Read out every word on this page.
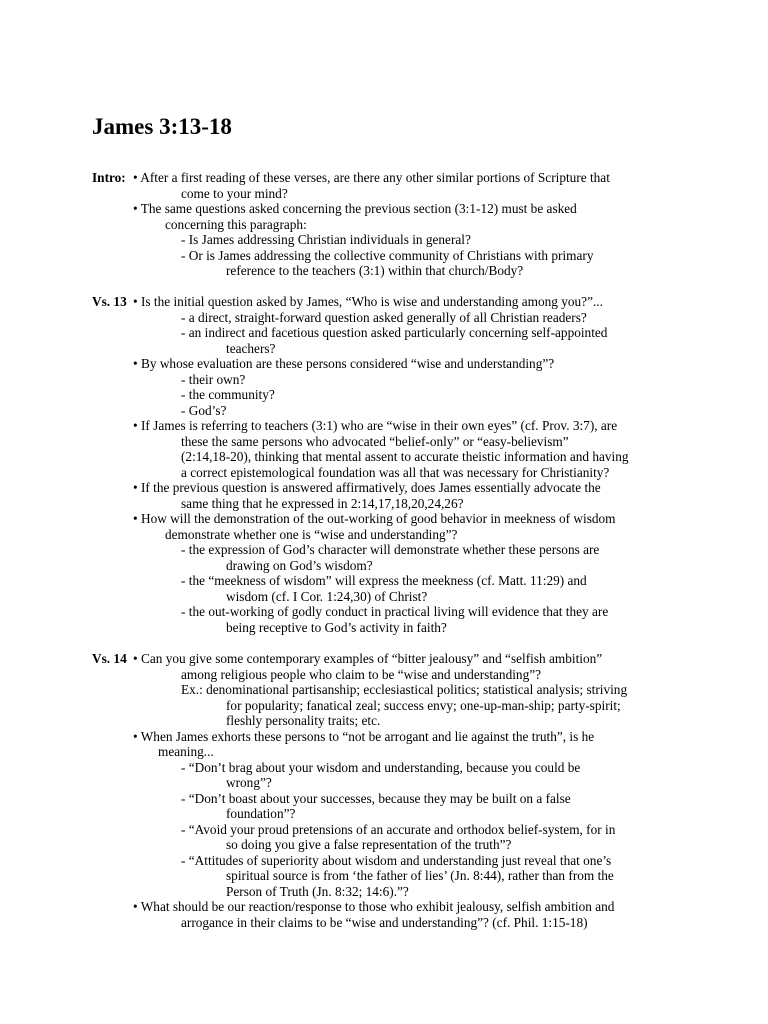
James 3:13-18
Intro: • After a first reading of these verses, are there any other similar portions of Scripture that
come to your mind?
• The same questions asked concerning the previous section (3:1-12) must be asked
concerning this paragraph:
- Is James addressing Christian individuals in general?
- Or is James addressing the collective community of Christians with primary
reference to the teachers (3:1) within that church/Body?
Vs. 13 • Is the initial question asked by James, “Who is wise and understanding among you?”...
- a direct, straight-forward question asked generally of all Christian readers?
- an indirect and facetious question asked particularly concerning self-appointed
teachers?
• By whose evaluation are these persons considered “wise and understanding”?
- their own?
- the community?
- God’s?
• If James is referring to teachers (3:1) who are “wise in their own eyes” (cf. Prov. 3:7), are
these the same persons who advocated “belief-only” or “easy-believism”
(2:14,18-20), thinking that mental assent to accurate theistic information and having
a correct epistemological foundation was all that was necessary for Christianity?
• If the previous question is answered affirmatively, does James essentially advocate the
same thing that he expressed in 2:14,17,18,20,24,26?
• How will the demonstration of the out-working of good behavior in meekness of wisdom
demonstrate whether one is “wise and understanding”?
- the expression of God’s character will demonstrate whether these persons are
drawing on God’s wisdom?
- the “meekness of wisdom” will express the meekness (cf. Matt. 11:29) and
wisdom (cf. I Cor. 1:24,30) of Christ?
- the out-working of godly conduct in practical living will evidence that they are
being receptive to God’s activity in faith?
Vs. 14 • Can you give some contemporary examples of “bitter jealousy” and “selfish ambition”
among religious people who claim to be “wise and understanding”?
Ex.: denominational partisanship; ecclesiastical politics; statistical analysis; striving
for popularity; fanatical zeal; success envy; one-up-man-ship; party-spirit;
fleshly personality traits; etc.
• When James exhorts these persons to “not be arrogant and lie against the truth”, is he
meaning...
- “Don’t brag about your wisdom and understanding, because you could be
wrong”?
- “Don’t boast about your successes, because they may be built on a false
foundation”?
- “Avoid your proud pretensions of an accurate and orthodox belief-system, for in
so doing you give a false representation of the truth”?
- “Attitudes of superiority about wisdom and understanding just reveal that one’s
spiritual source is from ‘the father of lies’ (Jn. 8:44), rather than from the
Person of Truth (Jn. 8:32; 14:6).”?
• What should be our reaction/response to those who exhibit jealousy, selfish ambition and
arrogance in their claims to be “wise and understanding”? (cf. Phil. 1:15-18)
